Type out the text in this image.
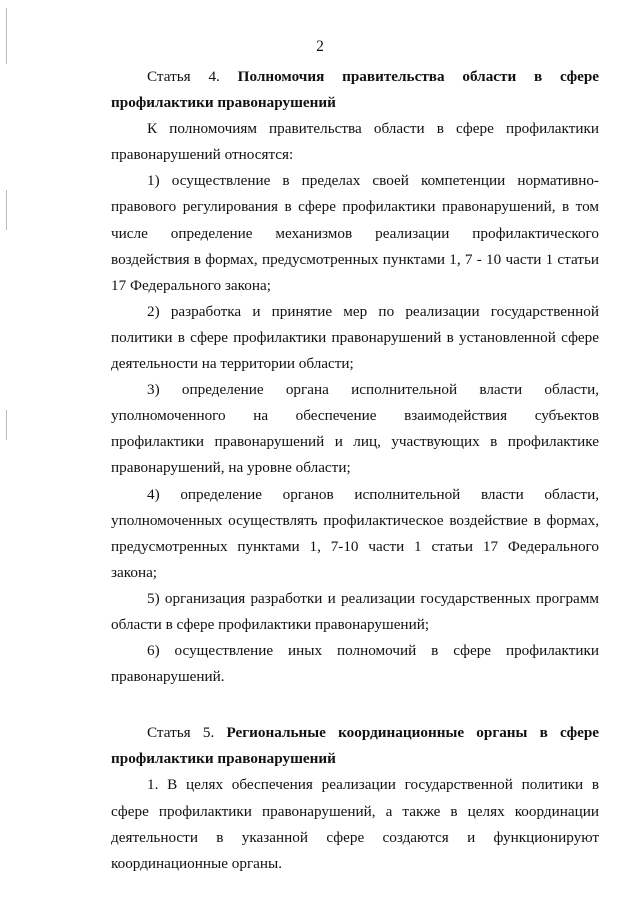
2

Статья 4. Полномочия правительства области в сфере профилактики правонарушений

К полномочиям правительства области в сфере профилактики правонарушений относятся:

1) осуществление в пределах своей компетенции нормативно-правового регулирования в сфере профилактики правонарушений, в том числе определение механизмов реализации профилактического воздействия в формах, предусмотренных пунктами 1, 7 - 10 части 1 статьи 17 Федерального закона;

2) разработка и принятие мер по реализации государственной политики в сфере профилактики правонарушений в установленной сфере деятельности на территории области;

3) определение органа исполнительной власти области, уполномоченного на обеспечение взаимодействия субъектов профилактики правонарушений и лиц, участвующих в профилактике правонарушений, на уровне области;

4) определение органов исполнительной власти области, уполномоченных осуществлять профилактическое воздействие в формах, предусмотренных пунктами 1, 7-10 части 1 статьи 17 Федерального закона;

5) организация разработки и реализации государственных программ области в сфере профилактики правонарушений;

6) осуществление иных полномочий в сфере профилактики правонарушений.

Статья 5. Региональные координационные органы в сфере профилактики правонарушений

1. В целях обеспечения реализации государственной политики в сфере профилактики правонарушений, а также в целях координации деятельности в указанной сфере создаются и функционируют координационные органы.
